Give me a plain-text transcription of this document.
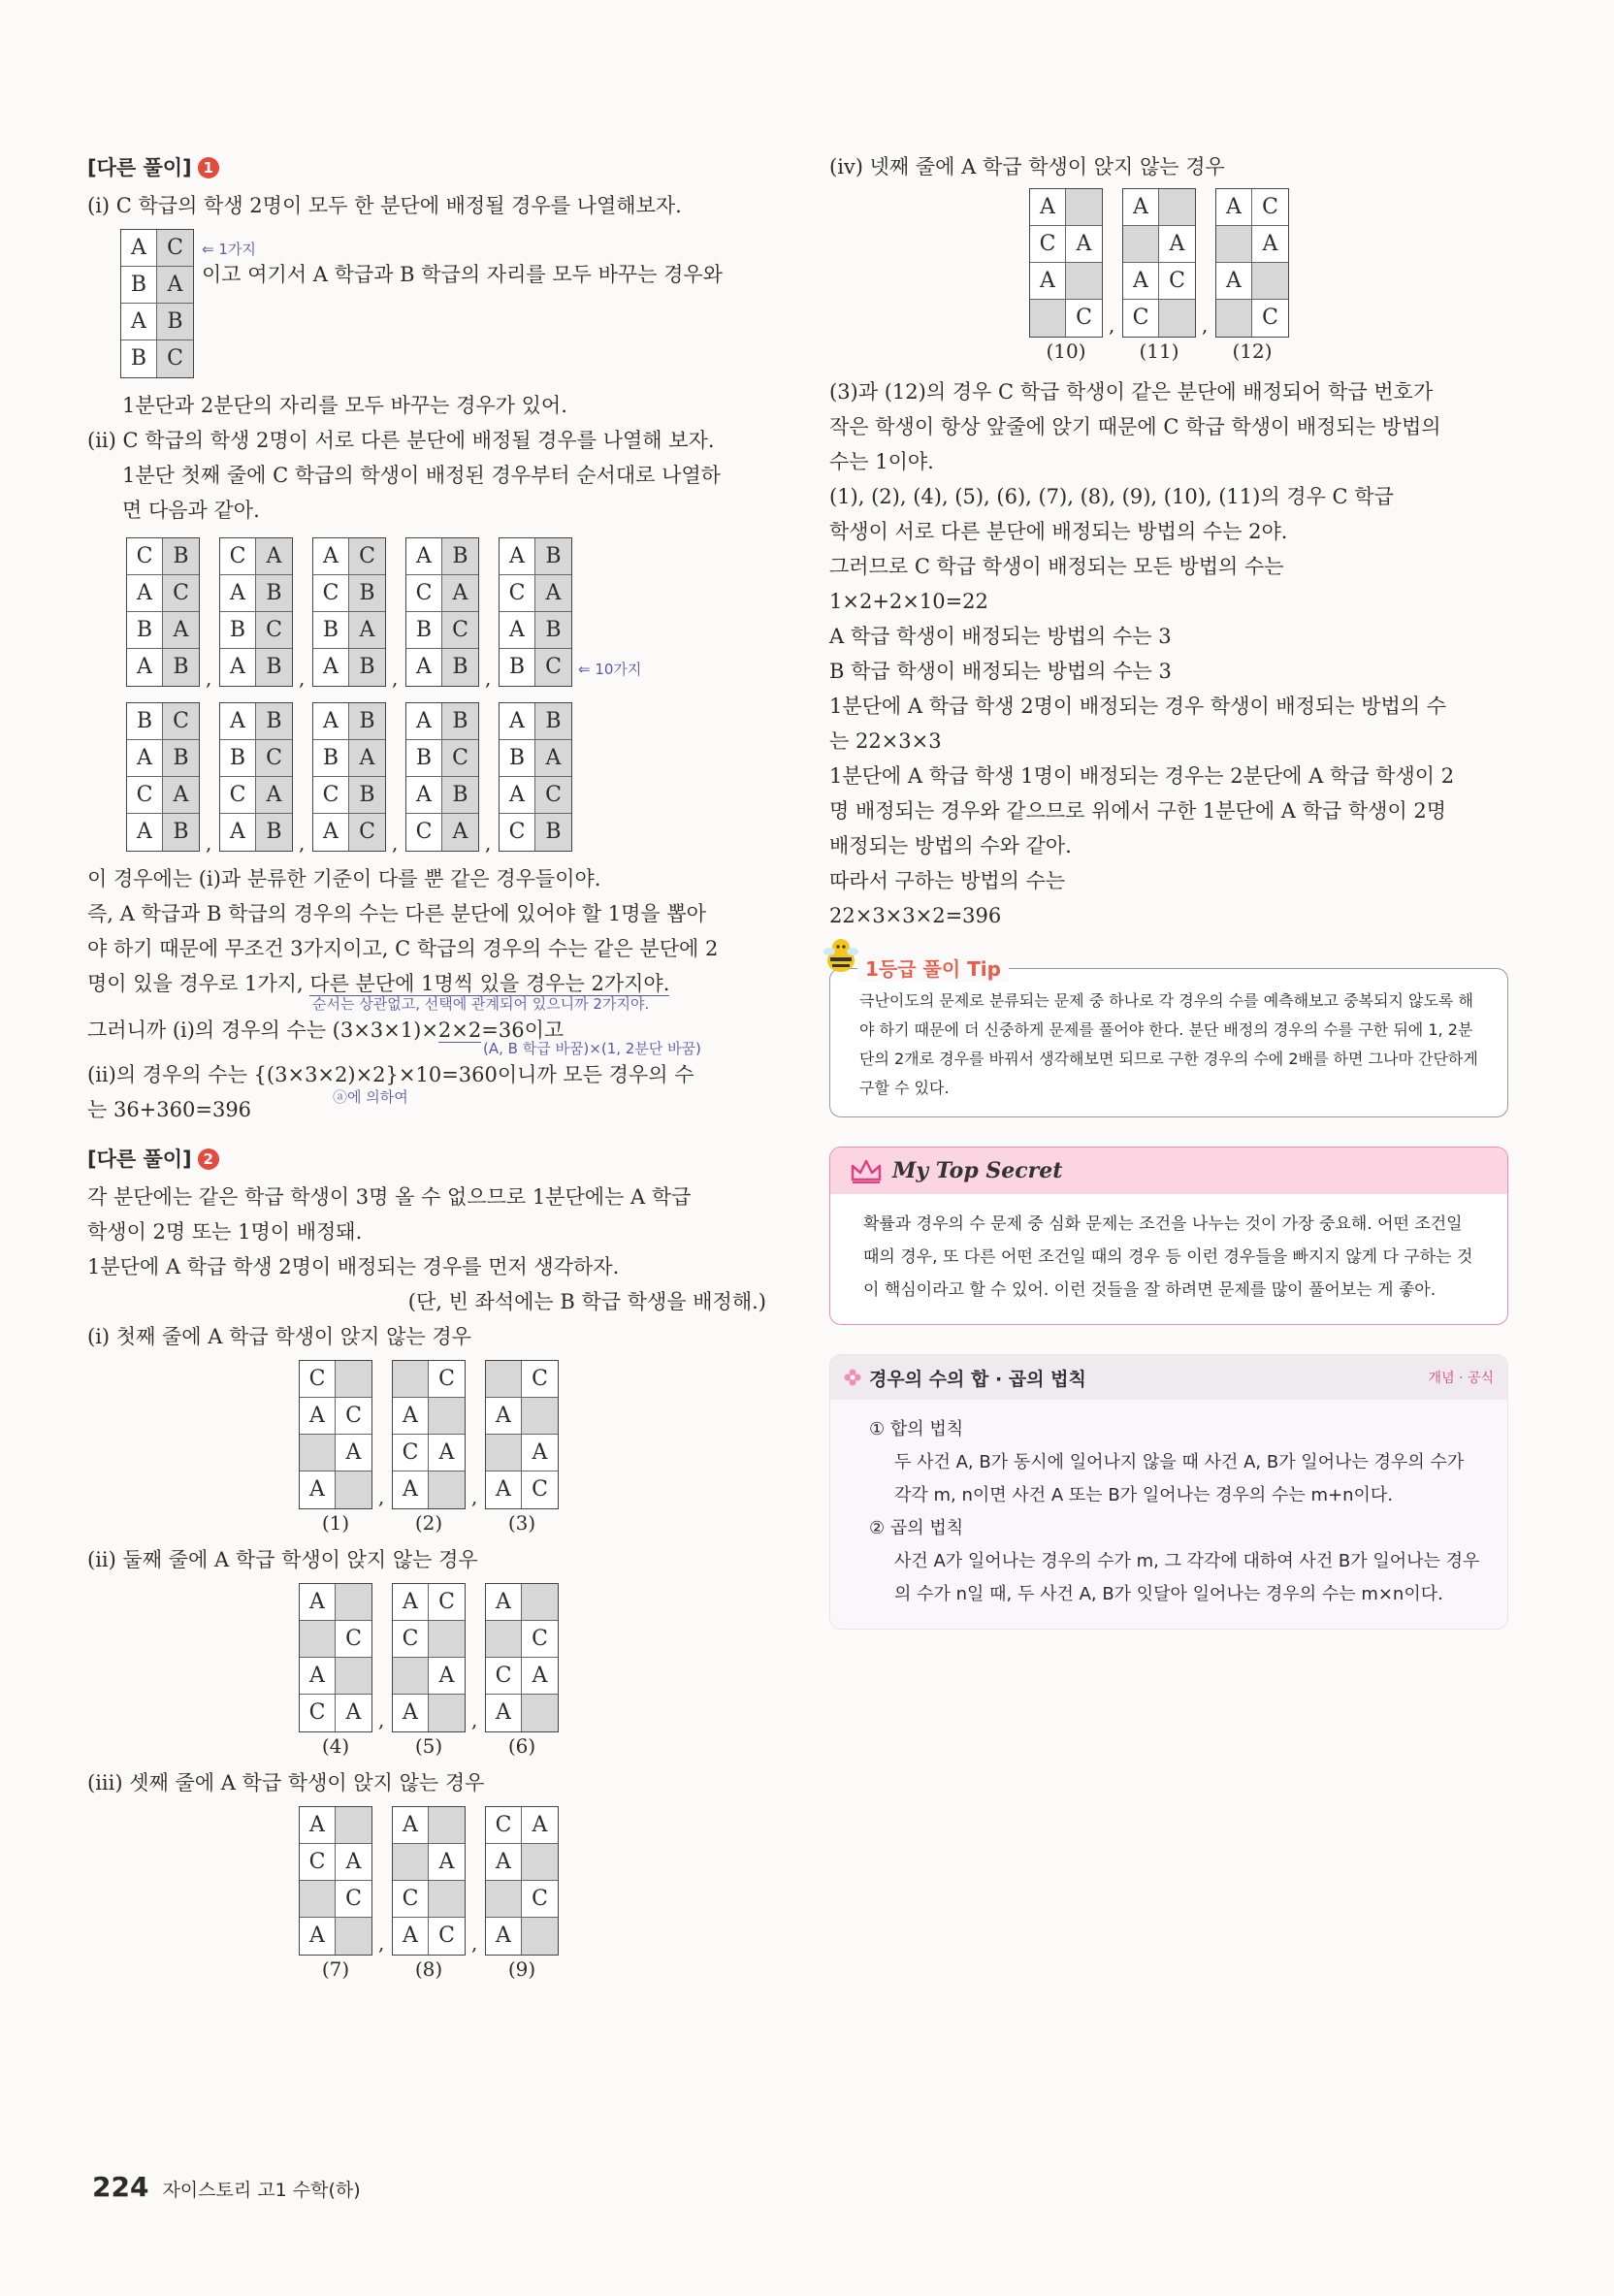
[다른 풀이] 1

(i) C 학급의 학생 2명이 모두 한 분단에 배정될 경우를 나열해보자.

A C
B A
A B
B C
⇐ 1가지
이고 여기서 A 학급과 B 학급의 자리를 모두 바꾸는 경우와

1분단과 2분단의 자리를 모두 바꾸는 경우가 있어.

(ii) C 학급의 학생 2명이 서로 다른 분단에 배정될 경우를 나열해 보자.

1분단 첫째 줄에 C 학급의 학생이 배정된 경우부터 순서대로 나열하

면 다음과 같아.

C B
A C
B A
A B ,
C A
A B
B C
A B ,
A C
C B
B A
A B ,
A B
C A
B C
A B ,
A B
C A
A B
B C	⇐ 10가지
B C
A B
C A
A B ,
A B
B C
C A
A B ,
A B
B A
C B
A C ,
A B
B C
A B
C A ,
A B
B A
A C
C B

이 경우에는 (i)과 분류한 기준이 다를 뿐 같은 경우들이야.

즉, A 학급과 B 학급의 경우의 수는 다른 분단에 있어야 할 1명을 뽑아

야 하기 때문에 무조건 3가지이고, C 학급의 경우의 수는 같은 분단에 2

명이 있을 경우로 1가지, 다른 분단에 1명씩 있을 경우는 2가지야.

순서는 상관없고, 선택에 관계되어 있으니까 2가지야.

그러니까 (i)의 경우의 수는 (3×3×1)×2×2=36이고

(A, B 학급 바꿈)×(1, 2분단 바꿈)

(ii)의 경우의 수는 {(3×3×2)×2}×10=360이니까 모든 경우의 수

는 36+360=396

ⓐ에 의하여
[다른 풀이] 2

각 분단에는 같은 학급 학생이 3명 올 수 없으므로 1분단에는 A 학급

학생이 2명 또는 1명이 배정돼.

1분단에 A 학급 학생 2명이 배정되는 경우를 먼저 생각하자.

(단, 빈 좌석에는 B 학급 학생을 배정해.)

(i) 첫째 줄에 A 학급 학생이 앉지 않는 경우

C
A C
A
A
(1)
,
C
A
C A
A
(2)
,
C
A
A
A C
(3)

(ii) 둘째 줄에 A 학급 학생이 앉지 않는 경우

A
C
A
C A
(4)
,
A C
C
A
A
(5)
,
A
C
C A
A
(6)

(iii) 셋째 줄에 A 학급 학생이 앉지 않는 경우

A
C A
C
A
(7)
,
A
A
C
A C
(8)
,
C A
A
C
A
(9)

(iv) 넷째 줄에 A 학급 학생이 앉지 않는 경우

A
C A
A
C
(10)
,
A
A
A C
C
(11)
,
A C
A
A
C
(12)

(3)과 (12)의 경우 C 학급 학생이 같은 분단에 배정되어 학급 번호가

작은 학생이 항상 앞줄에 앉기 때문에 C 학급 학생이 배정되는 방법의

수는 1이야.

(1), (2), (4), (5), (6), (7), (8), (9), (10), (11)의 경우 C 학급

학생이 서로 다른 분단에 배정되는 방법의 수는 2야.

그러므로 C 학급 학생이 배정되는 모든 방법의 수는

1×2+2×10=22

A 학급 학생이 배정되는 방법의 수는 3

B 학급 학생이 배정되는 방법의 수는 3

1분단에 A 학급 학생 2명이 배정되는 경우 학생이 배정되는 방법의 수

는 22×3×3

1분단에 A 학급 학생 1명이 배정되는 경우는 2분단에 A 학급 학생이 2

명 배정되는 경우와 같으므로 위에서 구한 1분단에 A 학급 학생이 2명

배정되는 방법의 수와 같아.

따라서 구하는 방법의 수는

22×3×3×2=396

1등급 풀이 Tip
극난이도의 문제로 분류되는 문제 중 하나로 각 경우의 수를 예측해보고 중복되지 않도록 해야 하기 때문에 더 신중하게 문제를 풀어야 한다. 분단 배정의 경우의 수를 구한 뒤에 1, 2분단의 2개로 경우를 바꿔서 생각해보면 되므로 구한 경우의 수에 2배를 하면 그나마 간단하게 구할 수 있다.
My Top Secret
확률과 경우의 수 문제 중 심화 문제는 조건을 나누는 것이 가장 중요해. 어떤 조건일 때의 경우, 또 다른 어떤 조건일 때의 경우 등 이런 경우들을 빠지지 않게 다 구하는 것이 핵심이라고 할 수 있어. 이런 것들을 잘 하려면 문제를 많이 풀어보는 게 좋아.
경우의 수의 합 · 곱의 법칙	개념 · 공식
① 합의 법칙
두 사건 A, B가 동시에 일어나지 않을 때 사건 A, B가 일어나는 경우의 수가 각각 m, n이면 사건 A 또는 B가 일어나는 경우의 수는 m+n이다.
② 곱의 법칙
사건 A가 일어나는 경우의 수가 m, 그 각각에 대하여 사건 B가 일어나는 경우의 수가 n일 때, 두 사건 A, B가 잇달아 일어나는 경우의 수는 m×n이다.
224 자이스토리 고1 수학(하)
